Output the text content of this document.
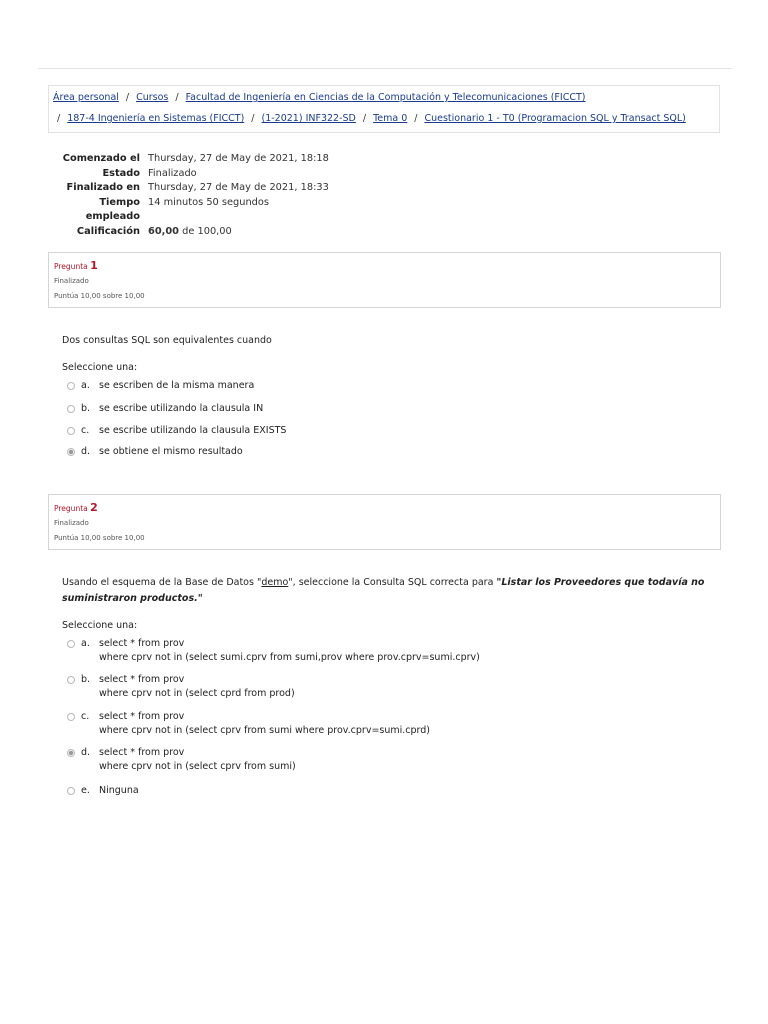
Área personal / Cursos / Facultad de Ingeniería en Ciencias de la Computación y Telecomunicaciones (FICCT)
/ 187-4 Ingeniería en Sistemas (FICCT) / (1-2021) INF322-SD / Tema 0 / Cuestionario 1 - T0 (Programacion SQL y Transact SQL)
Comenzado el Thursday, 27 de May de 2021, 18:18
Estado Finalizado
Finalizado en Thursday, 27 de May de 2021, 18:33
Tiempo empleado
14 minutos 50 segundos
Calificación 60,00 de 100,00
Pregunta 1
Finalizado
Puntúa 10,00 sobre 10,00
Dos consultas SQL son equivalentes cuando
Seleccione una:
a. se escriben de la misma manera
b. se escribe utilizando la clausula IN
c.	se escribe utilizando la clausula EXISTS
d. se obtiene el mismo resultado
Pregunta 2
Finalizado
Puntúa 10,00 sobre 10,00
Usando el esquema de la Base de Datos "demo", seleccione la Consulta SQL correcta para "Listar los Proveedores que todavía no suministraron productos."
Seleccione una:
a. select * from prov
where cprv not in (select sumi.cprv from sumi,prov where prov.cprv=sumi.cprv)
b. select * from prov
where cprv not in (select cprd from prod)
c.	select * from prov
where cprv not in (select cprv from sumi where prov.cprv=sumi.cprd)
d. select * from prov
where cprv not in (select cprv from sumi)
e. Ninguna
